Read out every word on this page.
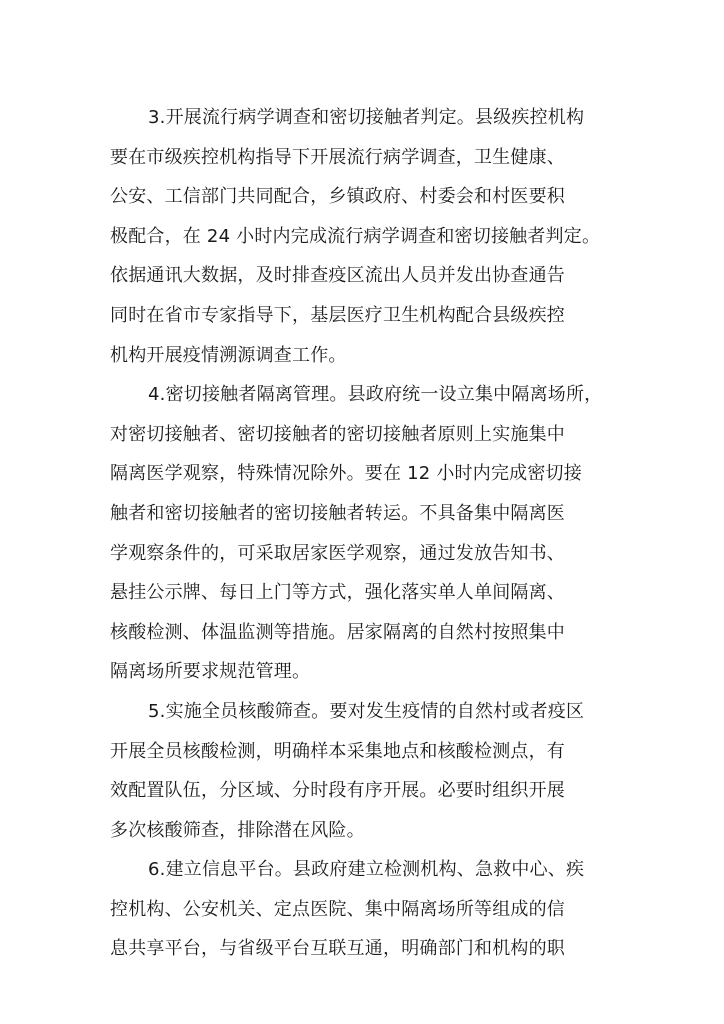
3.开展流行病学调查和密切接触者判定。县级疾控机构
要在市级疾控机构指导下开展流行病学调查，卫生健康、
公安、工信部门共同配合，乡镇政府、村委会和村医要积
极配合，在 24 小时内完成流行病学调查和密切接触者判定。
依据通讯大数据，及时排查疫区流出人员并发出协查通告
同时在省市专家指导下，基层医疗卫生机构配合县级疾控
机构开展疫情溯源调查工作。
4.密切接触者隔离管理。县政府统一设立集中隔离场所，
对密切接触者、密切接触者的密切接触者原则上实施集中
隔离医学观察，特殊情况除外。要在 12 小时内完成密切接
触者和密切接触者的密切接触者转运。不具备集中隔离医
学观察条件的，可采取居家医学观察，通过发放告知书、
悬挂公示牌、每日上门等方式，强化落实单人单间隔离、
核酸检测、体温监测等措施。居家隔离的自然村按照集中
隔离场所要求规范管理。
5.实施全员核酸筛查。要对发生疫情的自然村或者疫区
开展全员核酸检测，明确样本采集地点和核酸检测点，有
效配置队伍，分区域、分时段有序开展。必要时组织开展
多次核酸筛查，排除潜在风险。
6.建立信息平台。县政府建立检测机构、急救中心、疾
控机构、公安机关、定点医院、集中隔离场所等组成的信
息共享平台，与省级平台互联互通，明确部门和机构的职
